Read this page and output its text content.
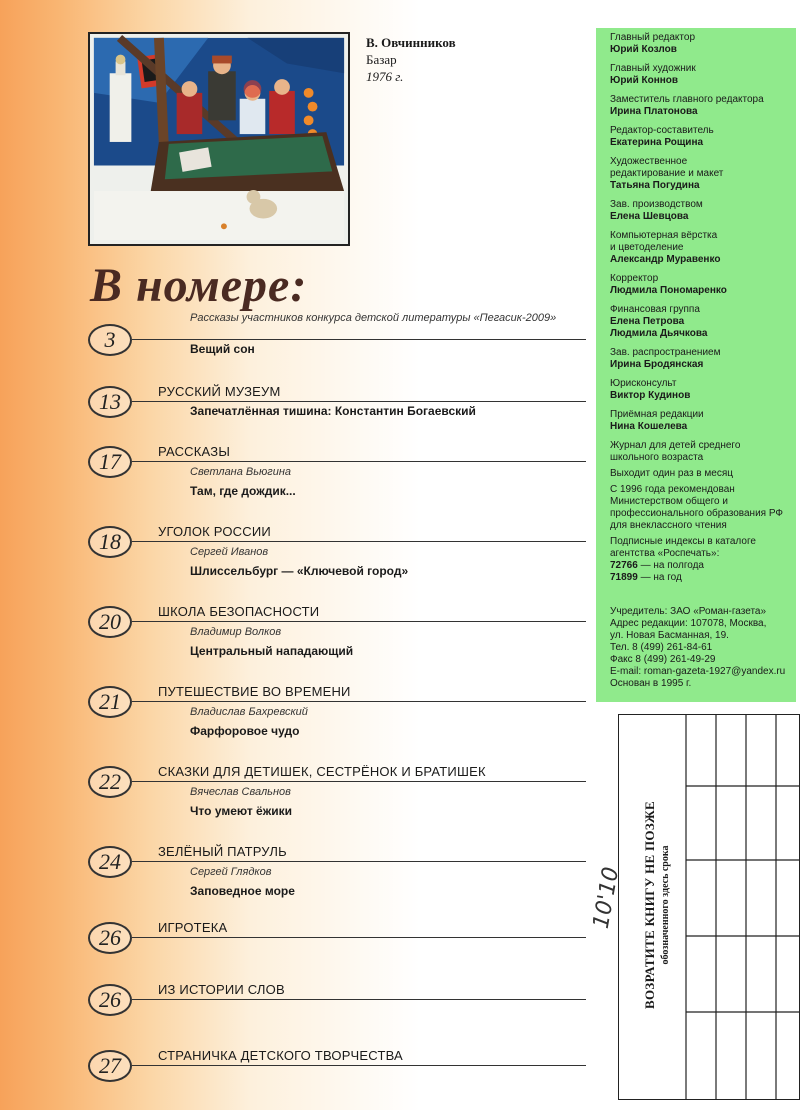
В. Овчинников
Базар
1976 г.
Главный редактор
Юрий Козлов
Главный художник
Юрий Коннов
Заместитель главного редактора
Ирина Платонова
Редактор-составитель
Екатерина Рощина
Художественное
редактирование и макет
Татьяна Погудина
Зав. производством
Елена Шевцова
Компьютерная вёрстка
и цветоделение
Александр Муравенко
Корректор
Людмила Пономаренко
Финансовая группа
Елена Петрова
Людмила Дьячкова
Зав. распространением
Ирина Бродянская
Юрисконсульт
Виктор Кудинов
Приёмная редакции
Нина Кошелева
Журнал для детей среднего школьного возраста
Выходит один раз в месяц
С 1996 года рекомендован Министерством общего и профессионального образования РФ для внеклассного чтения
Подписные индексы в каталоге агентства «Роспечать»:
72766 — на полгода
71899 — на год
Учредитель: ЗАО «Роман-газета»
Адрес редакции: 107078, Москва,
ул. Новая Басманная, 19.
Тел. 8 (499) 261-84-61
Факс 8 (499) 261-49-29
E-mail: roman-gazeta-1927@yandex.ru
Основан в 1995 г.
В номере:
3
Рассказы участников конкурса детской литературы «Пегасик-2009»
Вещий сон
13	РУССКИЙ МУЗЕУМ
Запечатлённая тишина: Константин Богаевский
17	РАССКАЗЫ
Светлана Вьюгина
Там, где дождик...
18	УГОЛОК РОССИИ
Сергей Иванов
Шлиссельбург — «Ключевой город»
20	ШКОЛА БЕЗОПАСНОСТИ
Владимир Волков
Центральный нападающий
21	ПУТЕШЕСТВИЕ ВО ВРЕМЕНИ
Владислав Бахревский
Фарфоровое чудо
22	СКАЗКИ ДЛЯ ДЕТИШЕК, СЕСТРЁНОК И БРАТИШЕК
Вячеслав Свальнов
Что умеют ёжики
24	ЗЕЛЁНЫЙ ПАТРУЛЬ
Сергей Глядков
Заповедное море
26	ИГРОТЕКА
26	ИЗ ИСТОРИИ СЛОВ
27	СТРАНИЧКА ДЕТСКОГО ТВОРЧЕСТВА
ВОЗРАТИТЕ КНИГУ НЕ ПОЗЖЕ обозначенного здесь срока
10'10
